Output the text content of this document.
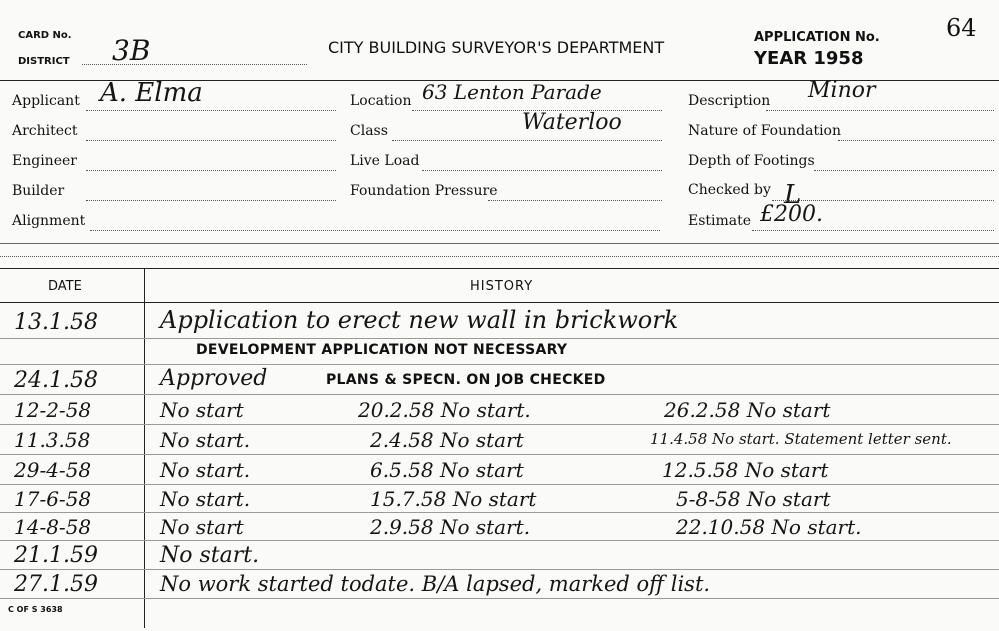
CARD No.
DISTRICT 3B	CITY BUILDING SURVEYOR'S DEPARTMENT
APPLICATION No.	64
YEAR 1958
Applicant A. Elma
Architect
Engineer
Builder
Alignment
Location 63 Lenton Parade
Class	Waterloo
Live Load
Foundation Pressure
Description Minor
Nature of Foundation
Depth of Footings
Checked by L
Estimate £200.
DATE	HISTORY
13.1.58	Application to erect new wall in brickwork
DEVELOPMENT APPLICATION NOT NECESSARY
24.1.58	Approved	PLANS & SPECN. ON JOB CHECKED
12-2-58	No start	20.2.58 No start.	26.2.58 No start
11.3.58	No start.	2.4.58 No start	11.4.58 No start. Statement letter sent.
29-4-58	No start.	6.5.58 No start	12.5.58 No start
17-6-58	No start.	15.7.58 No start	5-8-58 No start
14-8-58	No start	2.9.58 No start.	22.10.58 No start.
21.1.59	No start.
27.1.59	No work started todate. B/A lapsed, marked off list.
C OF S 3638
